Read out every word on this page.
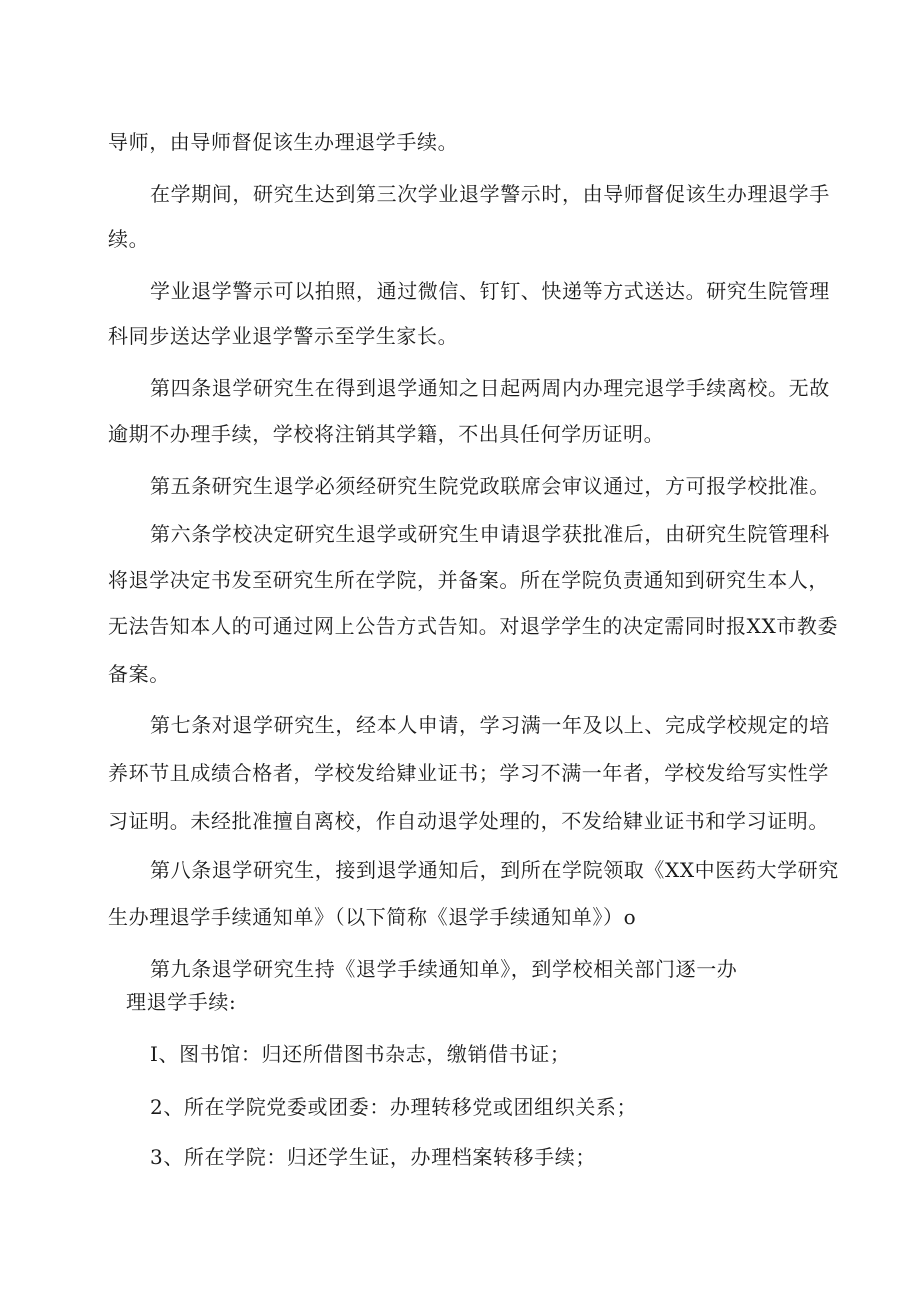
导师，由导师督促该生办理退学手续。
在学期间，研究生达到第三次学业退学警示时，由导师督促该生办理退学手
续。
学业退学警示可以拍照，通过微信、钉钉、快递等方式送达。研究生院管理
科同步送达学业退学警示至学生家长。
第四条退学研究生在得到退学通知之日起两周内办理完退学手续离校。无故
逾期不办理手续，学校将注销其学籍，不出具任何学历证明。
第五条研究生退学必须经研究生院党政联席会审议通过，方可报学校批准。
第六条学校决定研究生退学或研究生申请退学获批准后，由研究生院管理科
将退学决定书发至研究生所在学院，并备案。所在学院负责通知到研究生本人，
无法告知本人的可通过网上公告方式告知。对退学学生的决定需同时报XX市教委
备案。
第七条对退学研究生，经本人申请，学习满一年及以上、完成学校规定的培
养环节且成绩合格者，学校发给肄业证书；学习不满一年者，学校发给写实性学
习证明。未经批准擅自离校，作自动退学处理的，不发给肄业证书和学习证明。
第八条退学研究生，接到退学通知后，到所在学院领取《XX中医药大学研究
生办理退学手续通知单》（以下简称《退学手续通知单》）o
第九条退学研究生持《退学手续通知单》，到学校相关部门逐一办
理退学手续:
I、图书馆：归还所借图书杂志，缴销借书证；
2、所在学院党委或团委：办理转移党或团组织关系；
3、所在学院：归还学生证，办理档案转移手续；
